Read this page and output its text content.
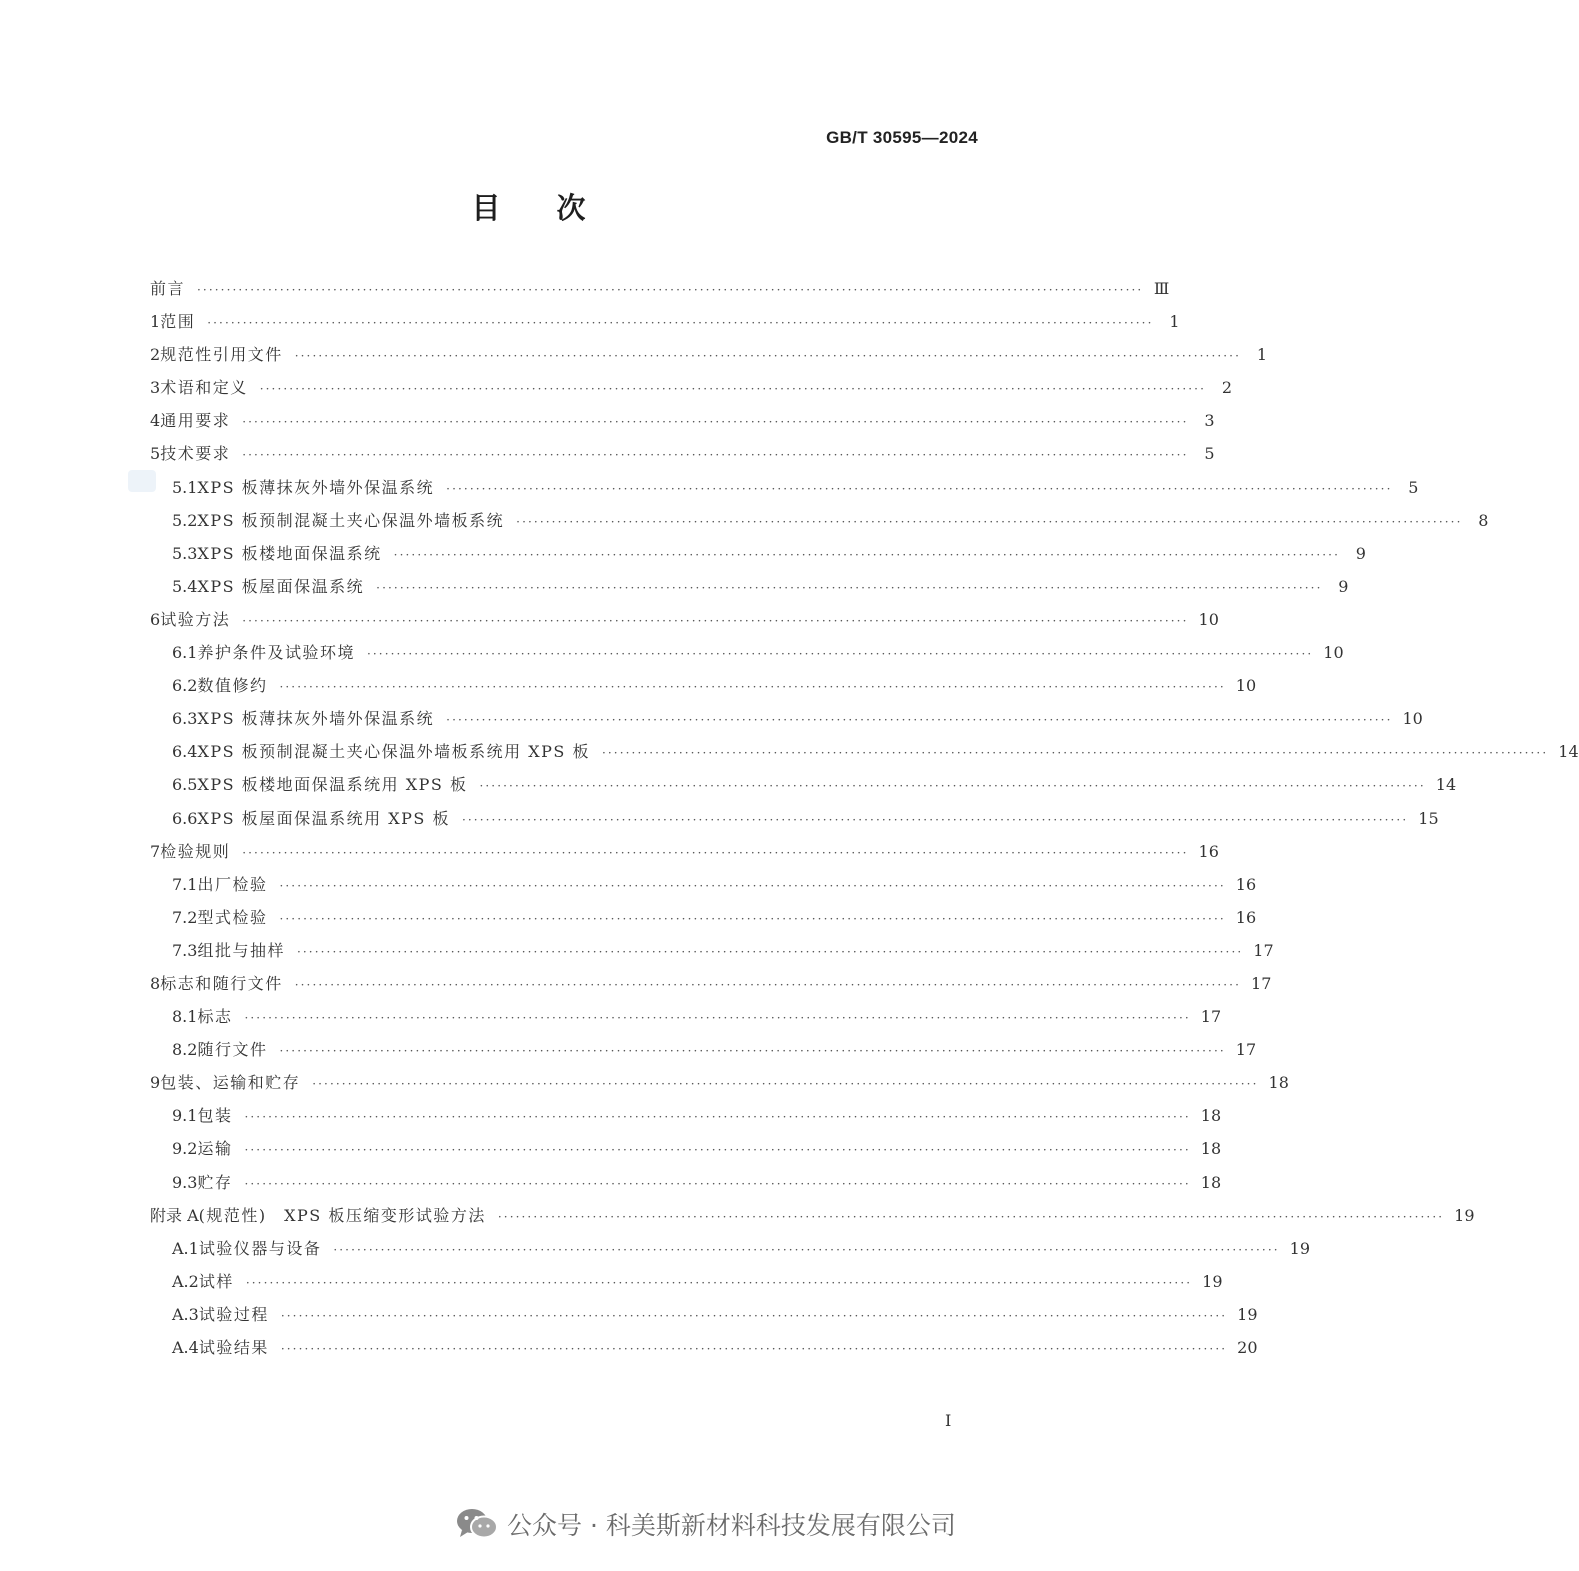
GB/T 30595—2024
目次
前言 ································································································································································ Ⅲ
1 范围 ································································································································································ 1
2 规范性引用文件 ································································································································································ 1
3 术语和定义 ································································································································································ 2
4 通用要求 ································································································································································ 3
5 技术要求 ································································································································································ 5
5.1 XPS 板薄抹灰外墙外保温系统 ································································································································································ 5
5.2 XPS 板预制混凝土夹心保温外墙板系统 ································································································································································ 8
5.3 XPS 板楼地面保温系统 ································································································································································ 9
5.4 XPS 板屋面保温系统 ································································································································································ 9
6 试验方法 ································································································································································ 10
6.1 养护条件及试验环境 ································································································································································ 10
6.2 数值修约 ································································································································································ 10
6.3 XPS 板薄抹灰外墙外保温系统 ································································································································································ 10
6.4 XPS 板预制混凝土夹心保温外墙板系统用 XPS 板 ································································································································································ 14
6.5 XPS 板楼地面保温系统用 XPS 板 ································································································································································ 14
6.6 XPS 板屋面保温系统用 XPS 板 ································································································································································ 15
7 检验规则 ································································································································································ 16
7.1 出厂检验 ································································································································································ 16
7.2 型式检验 ································································································································································ 16
7.3 组批与抽样 ································································································································································ 17
8 标志和随行文件 ································································································································································ 17
8.1 标志 ································································································································································ 17
8.2 随行文件 ································································································································································ 17
9 包装、运输和贮存 ································································································································································ 18
9.1 包装 ································································································································································ 18
9.2 运输 ································································································································································ 18
9.3 贮存 ································································································································································ 18
附录 A (规范性)　XPS 板压缩变形试验方法 ································································································································································ 19
A.1 试验仪器与设备 ································································································································································ 19
A.2 试样 ································································································································································ 19
A.3 试验过程 ································································································································································ 19
A.4 试验结果 ································································································································································ 20
Ⅰ
公众号 · 科美斯新材料科技发展有限公司
